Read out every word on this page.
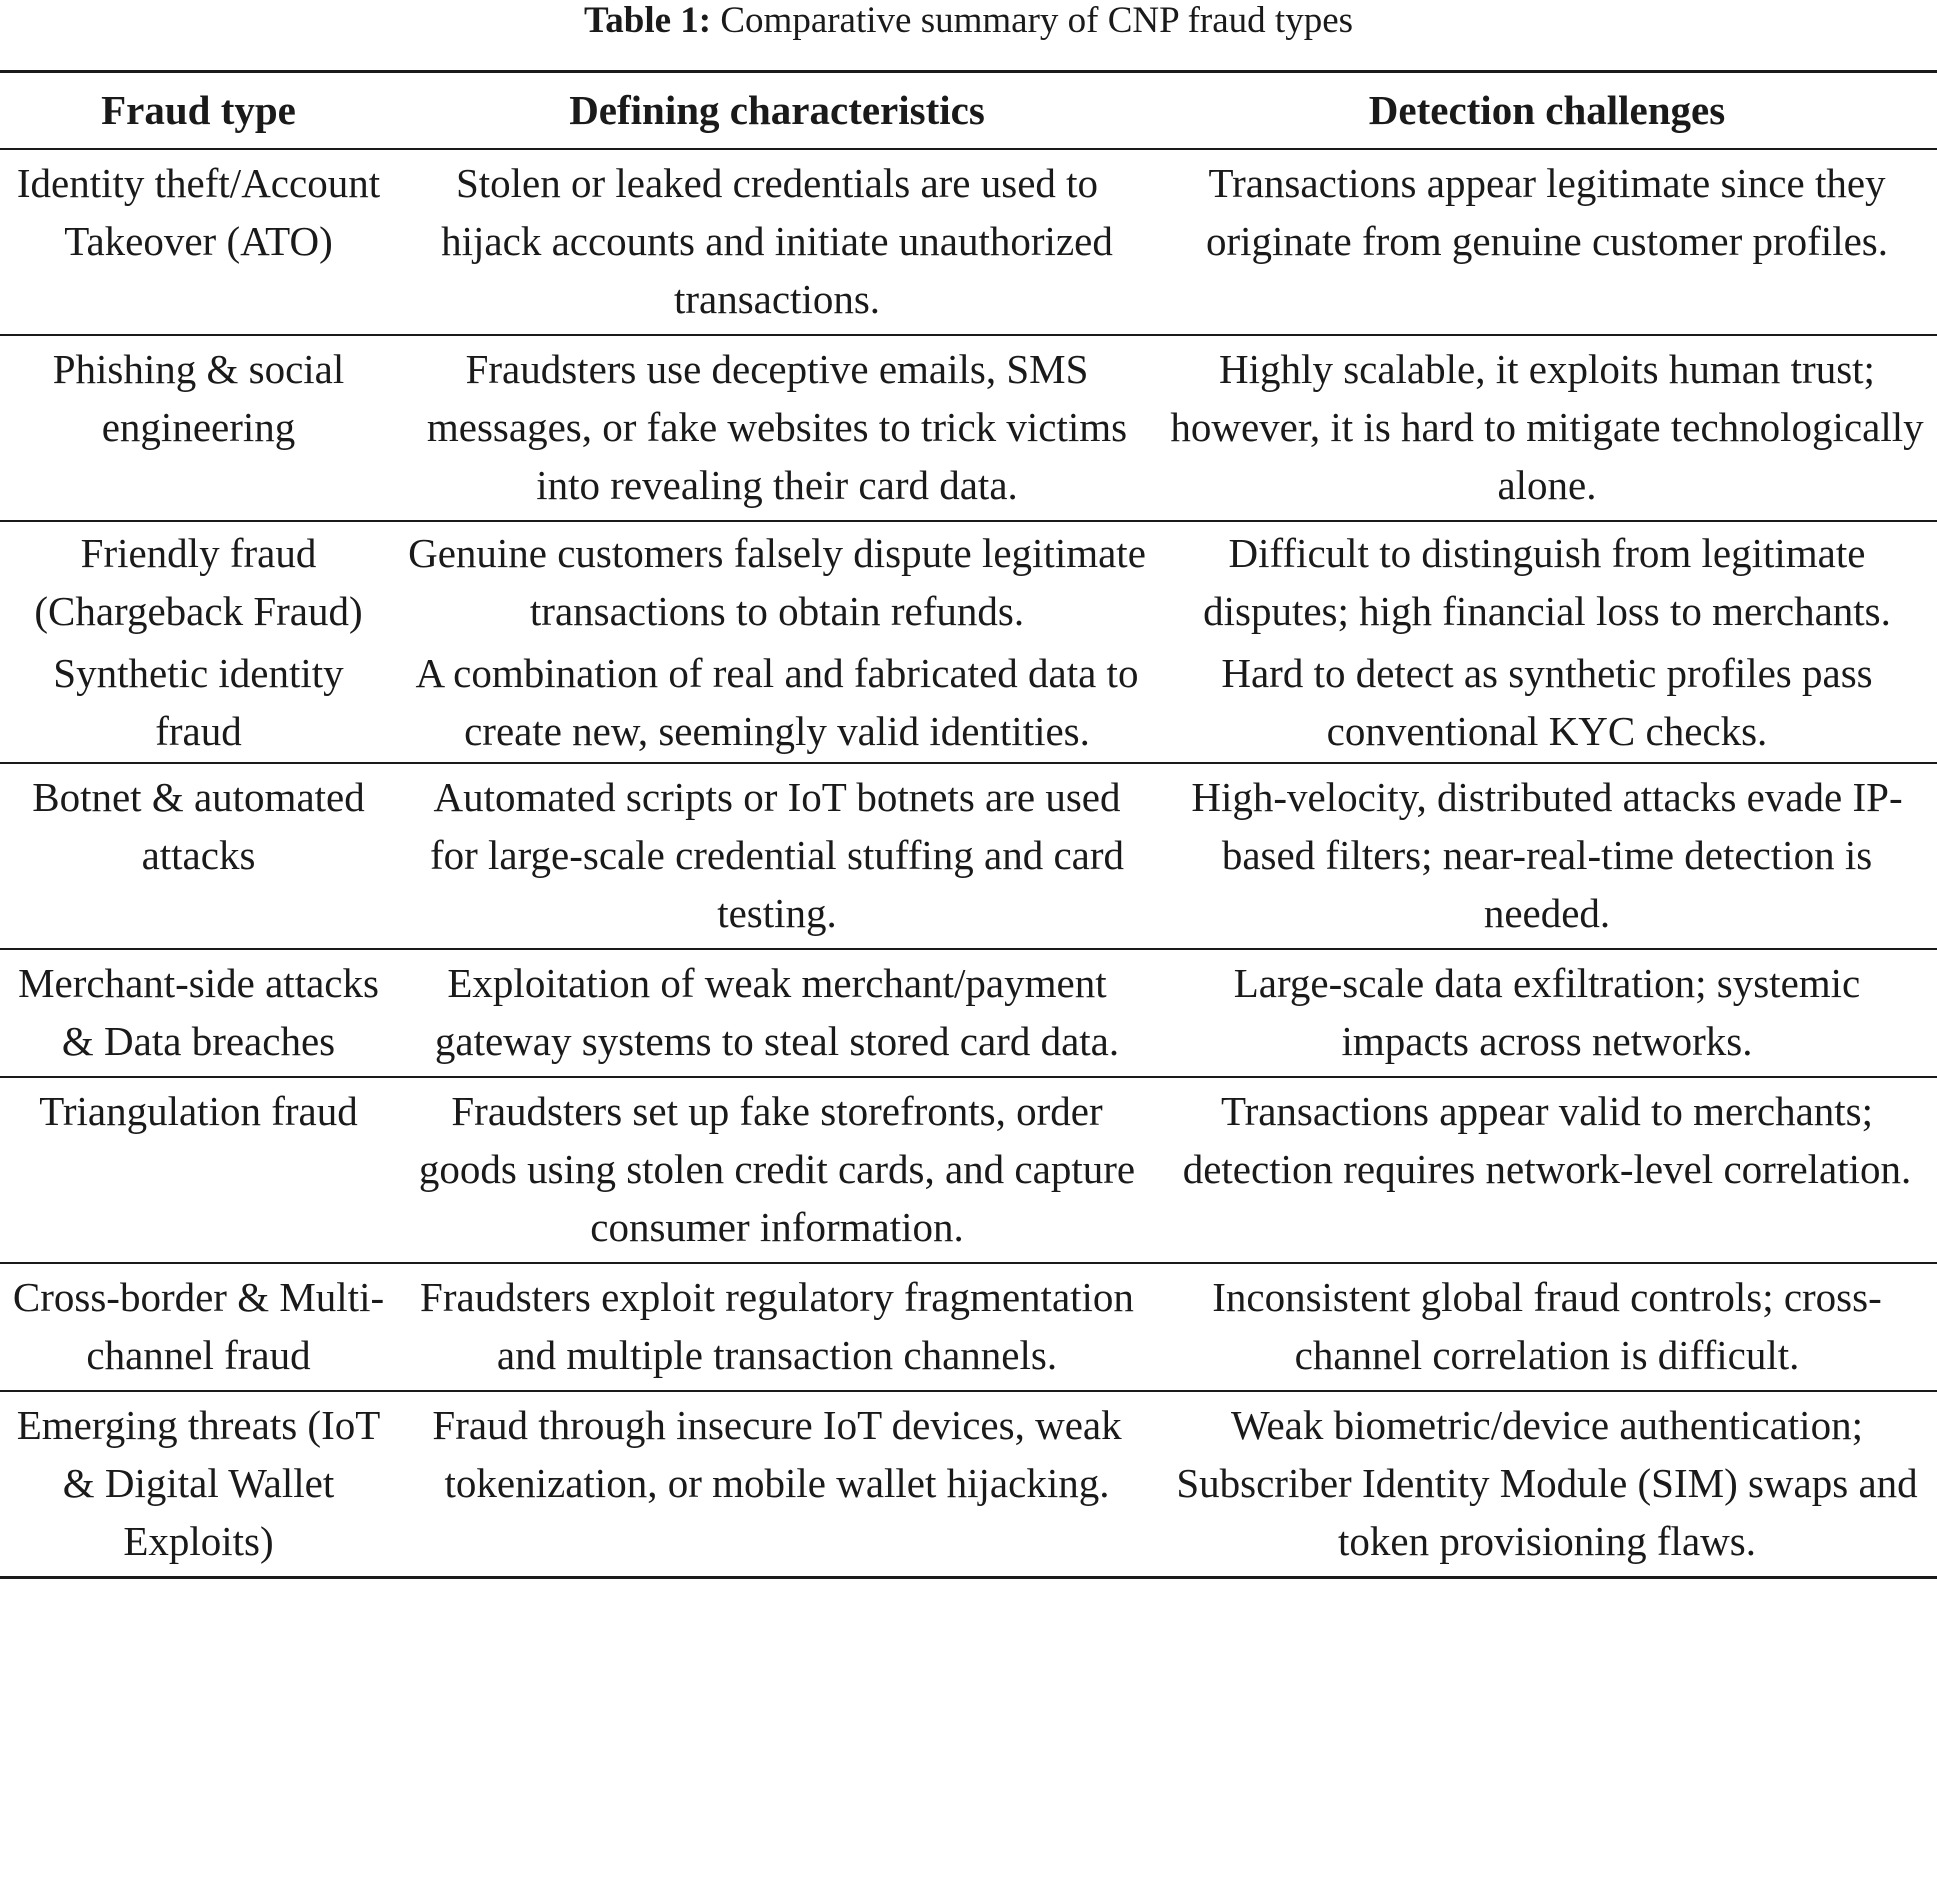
Table 1: Comparative summary of CNP fraud types
Fraud type	Defining characteristics	Detection challenges
Identity theft/Account Takeover (ATO)	Stolen or leaked credentials are used to hijack accounts and initiate unauthorized transactions.	Transactions appear legitimate since they originate from genuine customer profiles.
Phishing & social engineering	Fraudsters use deceptive emails, SMS messages, or fake websites to trick victims into revealing their card data.	Highly scalable, it exploits human trust; however, it is hard to mitigate technologically alone.
Friendly fraud (Chargeback Fraud)	Genuine customers falsely dispute legitimate transactions to obtain refunds.	Difficult to distinguish from legitimate disputes; high financial loss to merchants.
Synthetic identity fraud	A combination of real and fabricated data to create new, seemingly valid identities.	Hard to detect as synthetic profiles pass conventional KYC checks.
Botnet & automated attacks	Automated scripts or IoT botnets are used for large-scale credential stuffing and card testing.	High-velocity, distributed attacks evade IP-based filters; near-real-time detection is needed.
Merchant-side attacks & Data breaches	Exploitation of weak merchant/payment gateway systems to steal stored card data.	Large-scale data exfiltration; systemic impacts across networks.
Triangulation fraud	Fraudsters set up fake storefronts, order goods using stolen credit cards, and capture consumer information.	Transactions appear valid to merchants; detection requires network-level correlation.
Cross-border & Multi-channel fraud	Fraudsters exploit regulatory fragmentation and multiple transaction channels.	Inconsistent global fraud controls; cross-channel correlation is difficult.
Emerging threats (IoT & Digital Wallet Exploits)	Fraud through insecure IoT devices, weak tokenization, or mobile wallet hijacking.	Weak biometric/device authentication; Subscriber Identity Module (SIM) swaps and token provisioning flaws.
